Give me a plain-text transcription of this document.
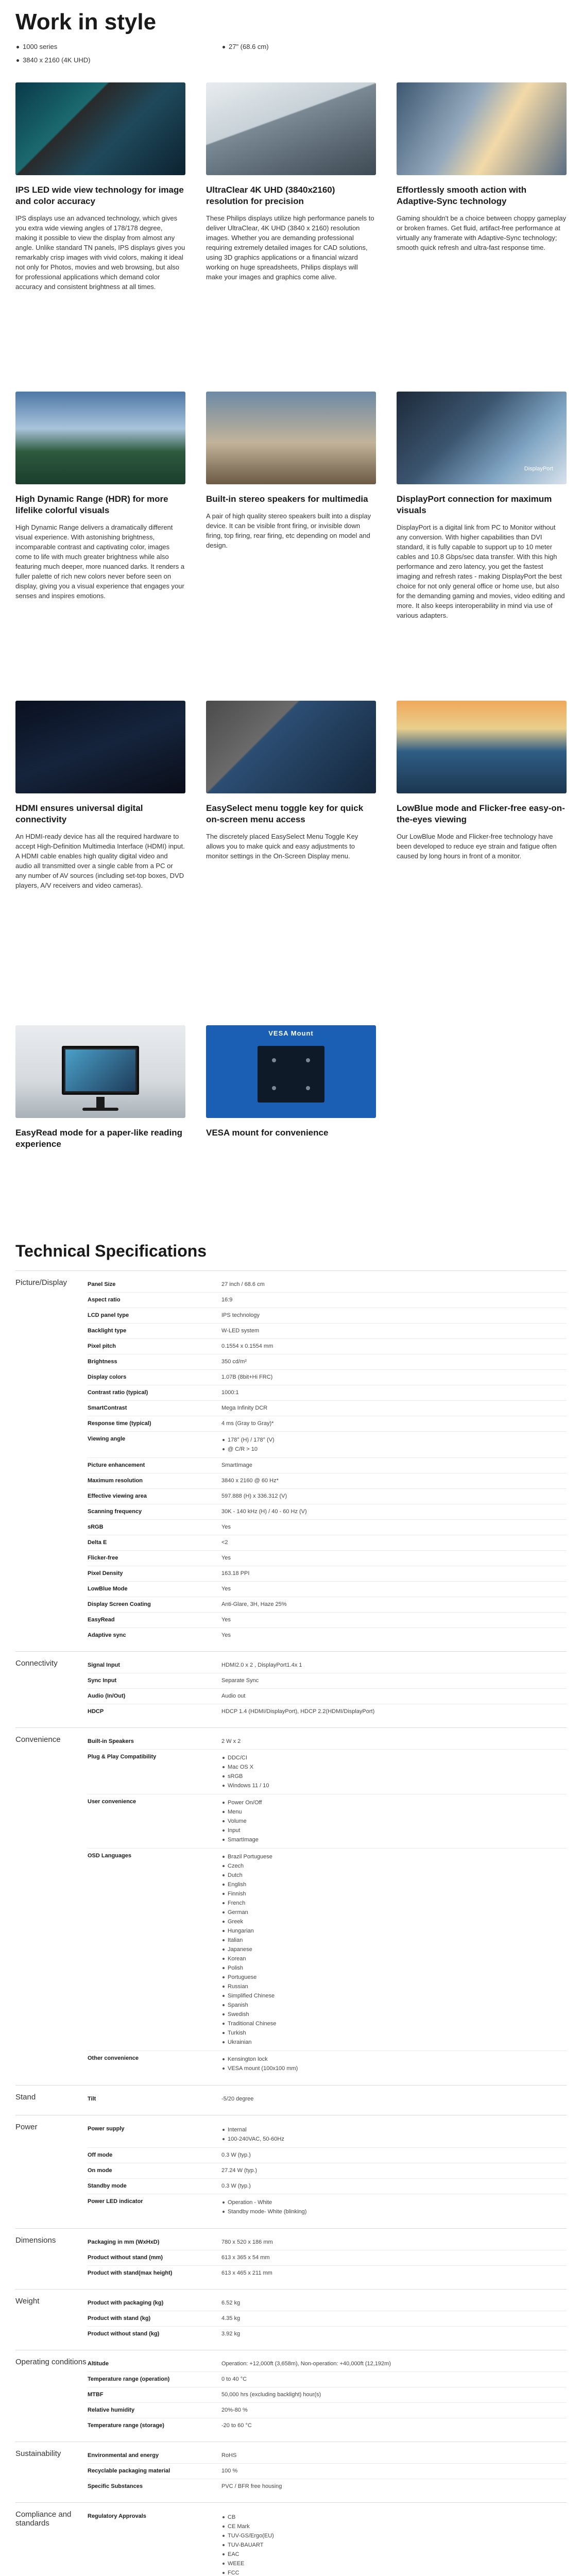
Work in style
1000 series	27" (68.6 cm)
3840 x 2160 (4K UHD)
IPS LED wide view technology for image and color accuracy
IPS displays use an advanced technology, which gives you extra wide viewing angles of 178/178 degree, making it possible to view the display from almost any angle. Unlike standard TN panels, IPS displays gives you remarkably crisp images with vivid colors, making it ideal not only for Photos, movies and web browsing, but also for professional applications which demand color accuracy and consistent brightness at all times.
UltraClear 4K UHD (3840x2160) resolution for precision
These Philips displays utilize high performance panels to deliver UltraClear, 4K UHD (3840 x 2160) resolution images. Whether you are demanding professional requiring extremely detailed images for CAD solutions, using 3D graphics applications or a financial wizard working on huge spreadsheets, Philips displays will make your images and graphics come alive.
Effortlessly smooth action with Adaptive-Sync technology
Gaming shouldn't be a choice between choppy gameplay or broken frames. Get fluid, artifact-free performance at virtually any framerate with Adaptive-Sync technology; smooth quick refresh and ultra-fast response time.
High Dynamic Range (HDR) for more lifelike colorful visuals
High Dynamic Range delivers a dramatically different visual experience. With astonishing brightness, incomparable contrast and captivating color, images come to life with much greater brightness while also featuring much deeper, more nuanced darks. It renders a fuller palette of rich new colors never before seen on display, giving you a visual experience that engages your senses and inspires emotions.
Built-in stereo speakers for multimedia
A pair of high quality stereo speakers built into a display device. It can be visible front firing, or invisible down firing, top firing, rear firing, etc depending on model and design.
DisplayPort
DisplayPort connection for maximum visuals
DisplayPort is a digital link from PC to Monitor without any conversion. With higher capabilities than DVI standard, it is fully capable to support up to 10 meter cables and 10.8 Gbps/sec data transfer. With this high performance and zero latency, you get the fastest imaging and refresh rates - making DisplayPort the best choice for not only general office or home use, but also for the demanding gaming and movies, video editing and more. It also keeps interoperability in mind via use of various adapters.
HDMI ensures universal digital connectivity
An HDMI-ready device has all the required hardware to accept High-Definition Multimedia Interface (HDMI) input. A HDMI cable enables high quality digital video and audio all transmitted over a single cable from a PC or any number of AV sources (including set-top boxes, DVD players, A/V receivers and video cameras).
EasySelect menu toggle key for quick on-screen menu access
The discretely placed EasySelect Menu Toggle Key allows you to make quick and easy adjustments to monitor settings in the On-Screen Display menu.
LowBlue mode and Flicker-free easy-on-the-eyes viewing
Our LowBlue Mode and Flicker-free technology have been developed to reduce eye strain and fatigue often caused by long hours in front of a monitor.
EasyRead mode for a paper-like reading experience
VESA Mount
VESA mount for convenience
Technical Specifications
Picture/Display	Panel Size	27 inch / 68.6 cm
Aspect ratio	16:9
LCD panel type	IPS technology
Backlight type	W-LED system
Pixel pitch	0.1554 x 0.1554 mm
Brightness	350 cd/m²
Display colors	1.07B (8bit+Hi FRC)
Contrast ratio (typical)	1000:1
SmartContrast	Mega Infinity DCR
Response time (typical)	4 ms (Gray to Gray)*
Viewing angle	178° (H) / 178° (V)
@ C/R > 10
Picture enhancement	SmartImage
Maximum resolution	3840 x 2160 @ 60 Hz*
Effective viewing area	597.888 (H) x 336.312 (V)
Scanning frequency	30K - 140 kHz (H) / 40 - 60 Hz (V)
sRGB	Yes
Delta E	<2
Flicker-free	Yes
Pixel Density	163.18 PPI
LowBlue Mode	Yes
Display Screen Coating	Anti-Glare, 3H, Haze 25%
EasyRead	Yes
Adaptive sync	Yes
Connectivity	Signal Input	HDMI2.0 x 2 , DisplayPort1.4x 1
Sync Input	Separate Sync
Audio (In/Out)	Audio out
HDCP	HDCP 1.4 (HDMI/DisplayPort), HDCP 2.2(HDMI/DisplayPort)
Convenience	Built-in Speakers	2 W x 2
Plug & Play Compatibility	DDC/CI
Mac OS X
sRGB
Windows 11 / 10
User convenience	Power On/Off
Menu
Volume
Input
SmartImage
OSD Languages	Brazil Portuguese
Czech
Dutch
English
Finnish
French
German
Greek
Hungarian
Italian
Japanese
Korean
Polish
Portuguese
Russian
Simplified Chinese
Spanish
Swedish
Traditional Chinese
Turkish
Ukrainian
Other convenience	Kensington lock
VESA mount (100x100 mm)
Stand	Tilt	-5/20 degree
Power	Power supply	Internal
100-240VAC, 50-60Hz
Off mode	0.3 W (typ.)
On mode	27.24 W (typ.)
Standby mode	0.3 W (typ.)
Power LED indicator	Operation - White
Standby mode- White (blinking)
Dimensions	Packaging in mm (WxHxD)	780 x 520 x 186 mm
Product without stand (mm)	613 x 365 x 54 mm
Product with stand(max height)	613 x 465 x 211 mm
Weight	Product with packaging (kg)	6.52 kg
Product with stand (kg)	4.35 kg
Product without stand (kg)	3.92 kg
Operating conditions Altitude	Operation: +12,000ft (3,658m), Non-operation: +40,000ft (12,192m)
Temperature range (operation)	0 to 40 °C
MTBF	50,000 hrs (excluding backlight) hour(s)
Relative humidity	20%-80 %
Temperature range (storage)	-20 to 60 °C
Sustainability	Environmental and energy	RoHS
Recyclable packaging material	100 %
Specific Substances	PVC / BFR free housing
Compliance and standards
Regulatory Approvals	CB
CE Mark
TUV-GS/Ergo(EU)
TUV-BAUART
EAC
WEEE
FCC
